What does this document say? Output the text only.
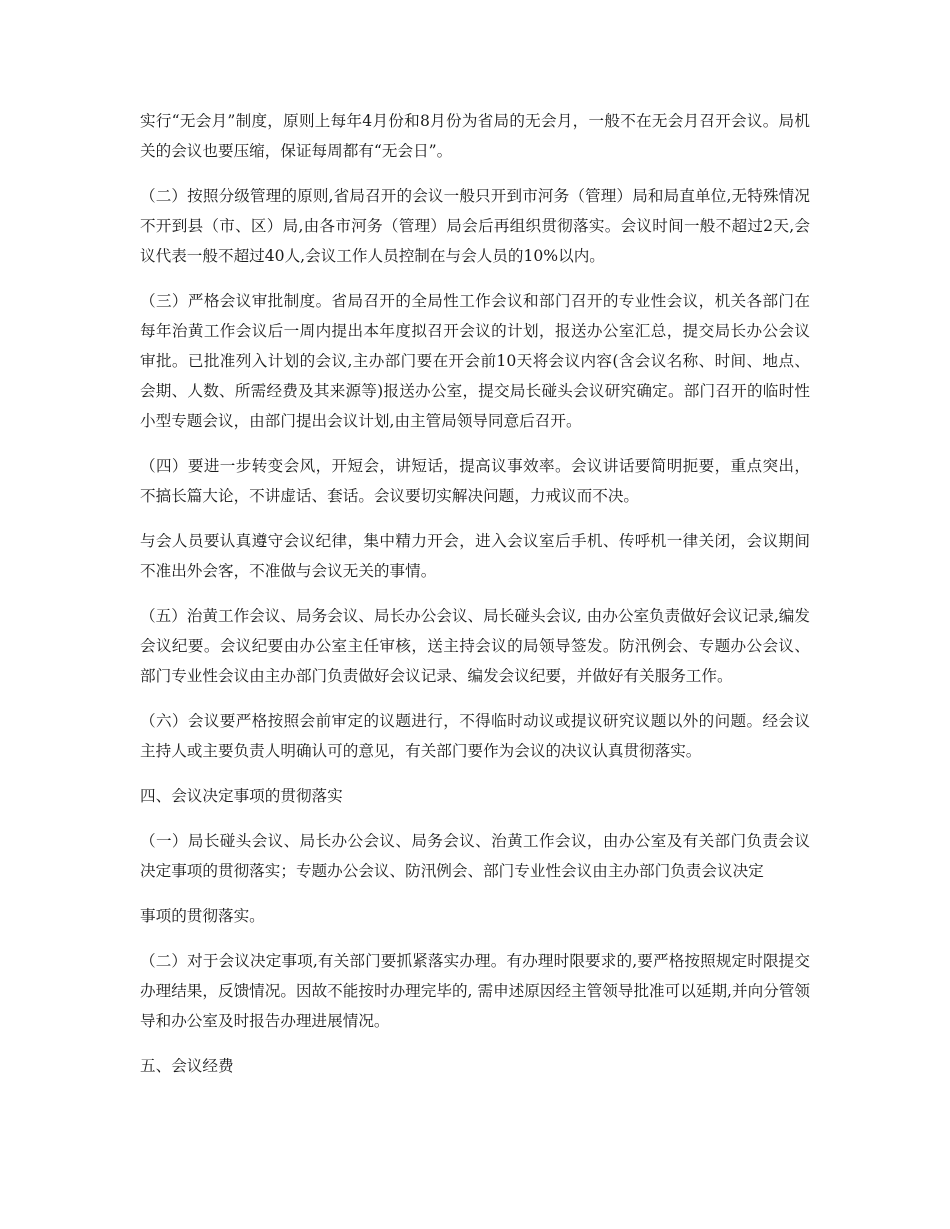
实行“无会月”制度，原则上每年4月份和8月份为省局的无会月，一般不在无会月召开会议。局机关的会议也要压缩，保证每周都有“无会日”。

（二）按照分级管理的原则,省局召开的会议一般只开到市河务（管理）局和局直单位,无特殊情况不开到县（市、区）局,由各市河务（管理）局会后再组织贯彻落实。会议时间一般不超过2天,会议代表一般不超过40人,会议工作人员控制在与会人员的10%以内。

（三）严格会议审批制度。省局召开的全局性工作会议和部门召开的专业性会议，机关各部门在每年治黄工作会议后一周内提出本年度拟召开会议的计划，报送办公室汇总，提交局长办公会议审批。已批准列入计划的会议,主办部门要在开会前10天将会议内容(含会议名称、时间、地点、会期、人数、所需经费及其来源等)报送办公室，提交局长碰头会议研究确定。部门召开的临时性小型专题会议，由部门提出会议计划,由主管局领导同意后召开。

（四）要进一步转变会风，开短会，讲短话，提高议事效率。会议讲话要简明扼要，重点突出，不搞长篇大论，不讲虚话、套话。会议要切实解决问题，力戒议而不决。

与会人员要认真遵守会议纪律，集中精力开会，进入会议室后手机、传呼机一律关闭，会议期间不准出外会客，不准做与会议无关的事情。

（五）治黄工作会议、局务会议、局长办公会议、局长碰头会议, 由办公室负责做好会议记录,编发会议纪要。会议纪要由办公室主任审核，送主持会议的局领导签发。防汛例会、专题办公会议、部门专业性会议由主办部门负责做好会议记录、编发会议纪要，并做好有关服务工作。

（六）会议要严格按照会前审定的议题进行，不得临时动议或提议研究议题以外的问题。经会议主持人或主要负责人明确认可的意见，有关部门要作为会议的决议认真贯彻落实。

四、会议决定事项的贯彻落实

（一）局长碰头会议、局长办公会议、局务会议、治黄工作会议，由办公室及有关部门负责会议决定事项的贯彻落实；专题办公会议、防汛例会、部门专业性会议由主办部门负责会议决定

事项的贯彻落实。

（二）对于会议决定事项,有关部门要抓紧落实办理。有办理时限要求的,要严格按照规定时限提交办理结果，反馈情况。因故不能按时办理完毕的, 需申述原因经主管领导批准可以延期,并向分管领导和办公室及时报告办理进展情况。

五、会议经费
